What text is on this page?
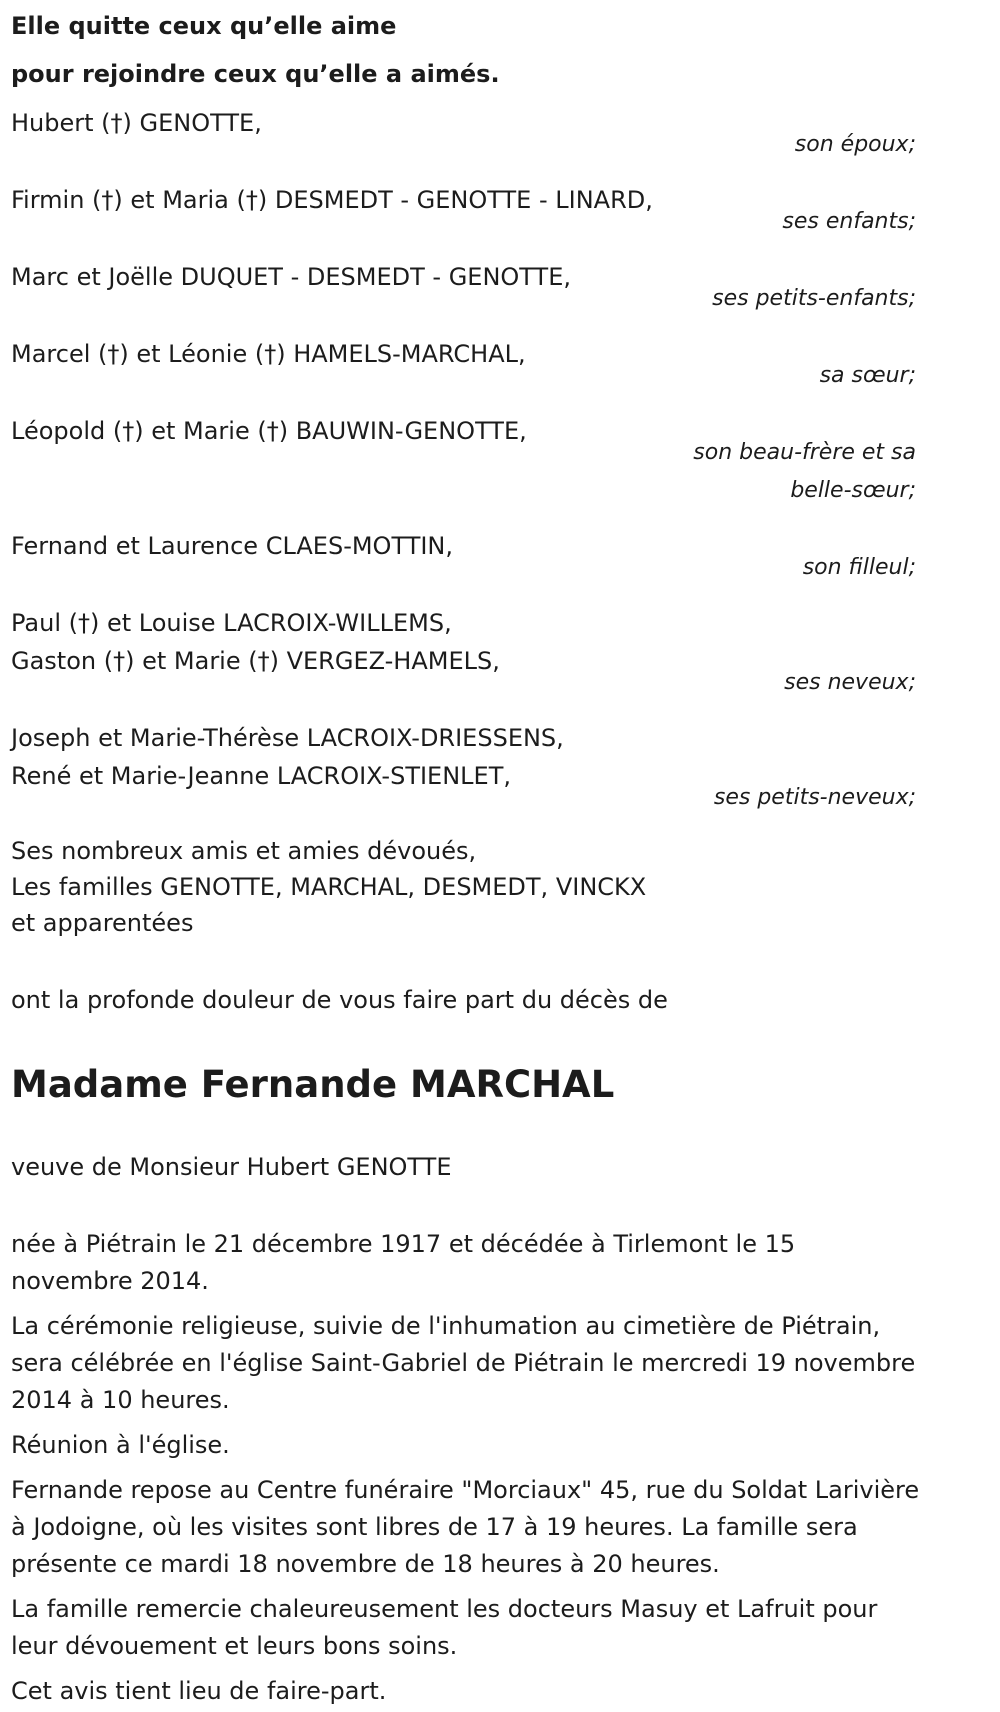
Elle quitte ceux qu’elle aime
pour rejoindre ceux qu’elle a aimés.
Hubert (†) GENOTTE,
son époux;
Firmin (†) et Maria (†) DESMEDT - GENOTTE - LINARD,
ses enfants;
Marc et Joëlle DUQUET - DESMEDT - GENOTTE,
ses petits-enfants;
Marcel (†) et Léonie (†) HAMELS-MARCHAL,
sa sœur;
Léopold (†) et Marie (†) BAUWIN-GENOTTE,
son beau-frère et sa
belle-sœur;
Fernand et Laurence CLAES-MOTTIN,
son filleul;
Paul (†) et Louise LACROIX-WILLEMS,
Gaston (†) et Marie (†) VERGEZ-HAMELS,
ses neveux;
Joseph et Marie-Thérèse LACROIX-DRIESSENS,
René et Marie-Jeanne LACROIX-STIENLET,
ses petits-neveux;
Ses nombreux amis et amies dévoués,
Les familles GENOTTE, MARCHAL, DESMEDT, VINCKX
et apparentées
ont la profonde douleur de vous faire part du décès de
Madame Fernande MARCHAL
veuve de Monsieur Hubert GENOTTE
née à Piétrain le 21 décembre 1917 et décédée à Tirlemont le 15 novembre 2014.
La cérémonie religieuse, suivie de l'inhumation au cimetière de Piétrain, sera célébrée en l'église Saint-Gabriel de Piétrain le mercredi 19 novembre 2014 à 10 heures.
Réunion à l'église.
Fernande repose au Centre funéraire "Morciaux" 45, rue du Soldat Larivière à Jodoigne, où les visites sont libres de 17 à 19 heures. La famille sera présente ce mardi 18 novembre de 18 heures à 20 heures.
La famille remercie chaleureusement les docteurs Masuy et Lafruit pour leur dévouement et leurs bons soins.
Cet avis tient lieu de faire-part.
